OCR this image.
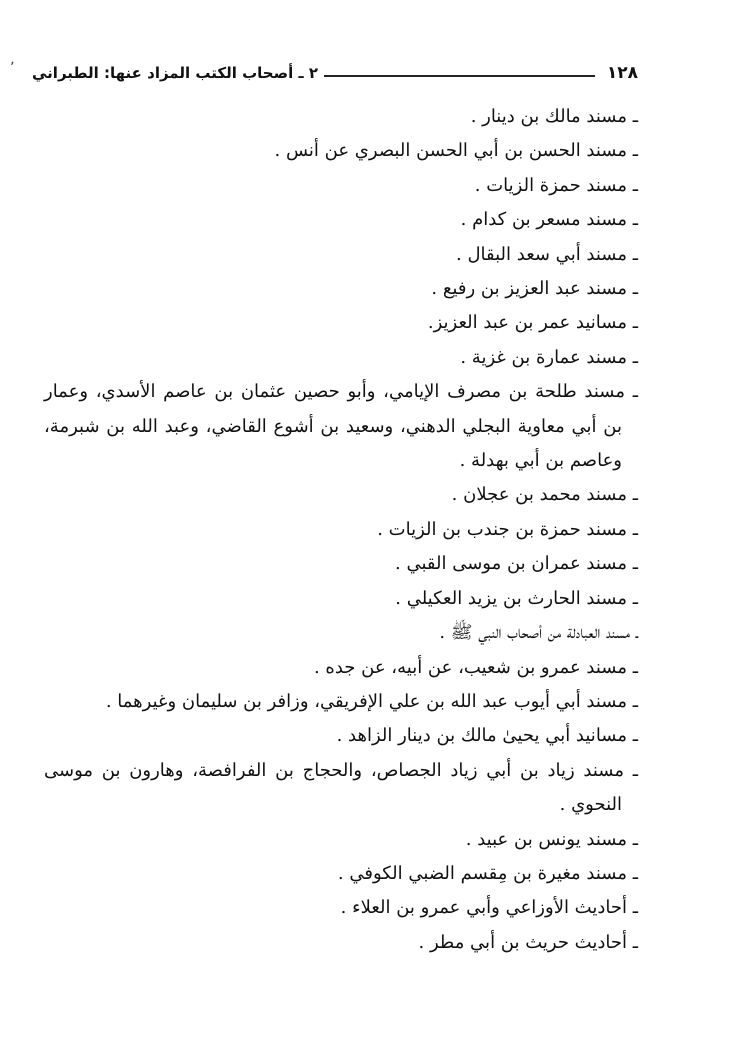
١٢٨
٢ ـ أصحاب الكتب المزاد عنها: الطبراني
٬
ـ مسند مالك بن دينار .
ـ مسند الحسن بن أبي الحسن البصري عن أنس .
ـ مسند حمزة الزيات .
ـ مسند مسعر بن كدام .
ـ مسند أبي سعد البقال .
ـ مسند عبد العزيز بن رفيع .
ـ مسانيد عمر بن عبد العزيز.
ـ مسند عمارة بن غزية .
ـ مسند طلحة بن مصرف الإيامي، وأبو حصين عثمان بن عاصم الأسدي، وعمار بن أبي معاوية البجلي الدهني، وسعيد بن أشوع القاضي، وعبد الله بن شبرمة، وعاصم بن أبي بهدلة .
ـ مسند محمد بن عجلان .
ـ مسند حمزة بن جندب بن الزيات .
ـ مسند عمران بن موسى القبي .
ـ مسند الحارث بن يزيد العكيلي .
ـ مسند العبادلة من أصحاب النبي ﷺ .
ـ مسند عمرو بن شعيب، عن أبيه، عن جده .
ـ مسند أبي أيوب عبد الله بن علي الإفريقي، وزافر بن سليمان وغيرهما .
ـ مسانيد أبي يحيىٰ مالك بن دينار الزاهد .
ـ مسند زياد بن أبي زياد الجصاص، والحجاج بن الفرافصة، وهارون بن موسى النحوي .
ـ مسند يونس بن عبيد .
ـ مسند مغيرة بن مِقسم الضبي الكوفي .
ـ أحاديث الأوزاعي وأبي عمرو بن العلاء .
ـ أحاديث حريث بن أبي مطر .
